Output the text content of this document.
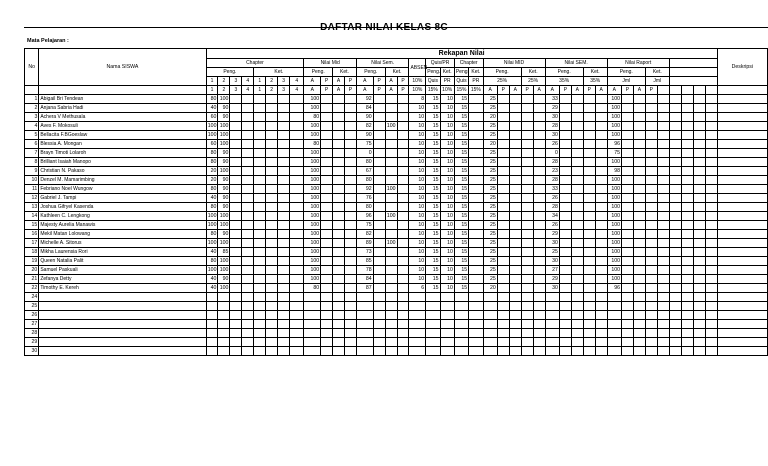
DAFTAR NILAI KELAS 8C
Mata Pelajaran :
No	Nama SISWA	Rekapan Nilai																																								Deskripsi
		Chapter								Nilai Mid				Nilai Sem.				ABSEN	Quis/PR		Chapter		Nilai MID					Nilai SEM.					Nilai Raport									
		Peng.				Ket.				Peng.		Ket.		Peng.		Ket.			Peng.	Ket.	Peng.	Ket.	Peng.			Ket.		Peng.			Ket.		Peng.			Ket.						
		1	2	3	4	1	2	3	4	A	P	A	P	A	P	A	P	10%	Quis	PR	Quis	PR	25%			25%		35%			35%		Jml			Jml						
		1	2	3	4	1	2	3	4	A	P	A	P	A	P	A	P	10%	15%	10%	15%	15%	A	P	A	P	A	A	P	A	P	A	A	P	A	P						
1	Abigail Bri Tendean	80	100							100				92				8	15	10	15		25					33					100									
2	Anjana Sabria Hadi	40	90							100				84				10	15	10	15		25					29					100									
3	Achera V Methusala	60	90							80				90				10	15	10	15		20					30					100									
4	Aves F. Mokosuli	100	100							100				82		100		10	15	10	15		25					28					100									
5	Bellacita F.BGoeslaw	100	100							100				90				10	15	10	15		25					30					100									
6	Blessia A. Mongan	60	100							80				75				10	15	10	15		20					26					96									
7	Brayn Timoti Lolaroh	80	90							100				0				10	15	10	15		25					0					75									
8	Brilliant Isaiah Manopo	80	90							100				80				10	15	10	15		25					28					100									
9	Christian N. Pakaso	20	100							100				67				10	15	10	15		25					23					98									
10	Denzel M. Mamarimbing	20	90							100				80				10	15	10	15		25					28					100									
11	Febriano Noel Wungow	80	90							100				92		100		10	15	10	15		25					33					100									
12	Gabriel J. Tampi	40	90							100				76				10	15	10	15		25					26					100									
13	Joshua Gifryel Kasenda	80	90							100				80				10	15	10	15		25					28					100									
14	Kathleen C. Lengkong	100	100							100				96		100		10	15	10	15		25					34					100									
15	Majesty Aurelia Manawis	100	100							100				75				10	15	10	15		25					26					100									
16	Mekil Matan Lolowang	80	90							100				82				10	15	10	15		25					29					100									
17	Michelle A. Sitorus	100	100							100				89		100		10	15	10	15		25					30					100									
18	Mikha Laurensia Rori	40	85							100				73				10	15	10	15		25					25					100									
19	Queen Natalia Palit	80	100							100				85				10	15	10	15		25					30					100									
20	Samuel Paskuali	100	100							100				78				10	15	10	15		25					27					100									
21	Zefanya Detty	40	90							100				84				10	15	10	15		25					29					100									
22	Timothy E. Kereh	40	100							80				87				6	15	10	15		20					30					96									
24																																										
25																																										
26																																										
27																																										
28																																										
29																																										
30																																										
